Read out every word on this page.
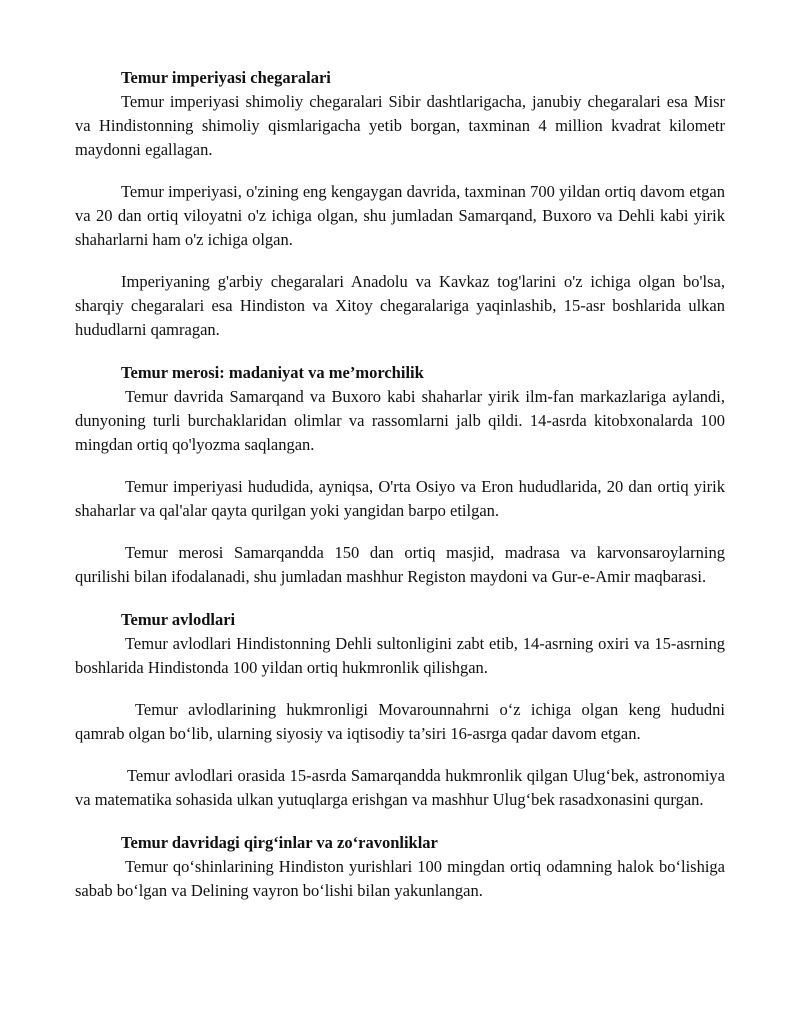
Temur imperiyasi chegaralari

Temur imperiyasi shimoliy chegaralari Sibir dashtlarigacha, janubiy chegaralari esa Misr va Hindistonning shimoliy qismlarigacha yetib borgan, taxminan 4 million kvadrat kilometr maydonni egallagan.

Temur imperiyasi, o'zining eng kengaygan davrida, taxminan 700 yildan ortiq davom etgan va 20 dan ortiq viloyatni o'z ichiga olgan, shu jumladan Samarqand, Buxoro va Dehli kabi yirik shaharlarni ham o'z ichiga olgan.

Imperiyaning g'arbiy chegaralari Anadolu va Kavkaz tog'larini o'z ichiga olgan bo'lsa, sharqiy chegaralari esa Hindiston va Xitoy chegaralariga yaqinlashib, 15-asr boshlarida ulkan hududlarni qamragan.

Temur merosi: madaniyat va me’morchilik

Temur davrida Samarqand va Buxoro kabi shaharlar yirik ilm-fan markazlariga aylandi, dunyoning turli burchaklaridan olimlar va rassomlarni jalb qildi. 14-asrda kitobxonalarda 100 mingdan ortiq qo'lyozma saqlangan.

Temur imperiyasi hududida, ayniqsa, O'rta Osiyo va Eron hududlarida, 20 dan ortiq yirik shaharlar va qal'alar qayta qurilgan yoki yangidan barpo etilgan.

Temur merosi Samarqandda 150 dan ortiq masjid, madrasa va karvonsaroylarning qurilishi bilan ifodalanadi, shu jumladan mashhur Registon maydoni va Gur-e-Amir maqbarasi.

Temur avlodlari

Temur avlodlari Hindistonning Dehli sultonligini zabt etib, 14-asrning oxiri va 15-asrning boshlarida Hindistonda 100 yildan ortiq hukmronlik qilishgan.

Temur avlodlarining hukmronligi Movarounnahrni o‘z ichiga olgan keng hududni qamrab olgan bo‘lib, ularning siyosiy va iqtisodiy ta’siri 16-asrga qadar davom etgan.

Temur avlodlari orasida 15-asrda Samarqandda hukmronlik qilgan Ulug‘bek, astronomiya va matematika sohasida ulkan yutuqlarga erishgan va mashhur Ulug‘bek rasadxonasini qurgan.

Temur davridagi qirg‘inlar va zo‘ravonliklar

Temur qo‘shinlarining Hindiston yurishlari 100 mingdan ortiq odamning halok bo‘lishiga sabab bo‘lgan va Delining vayron bo‘lishi bilan yakunlangan.
